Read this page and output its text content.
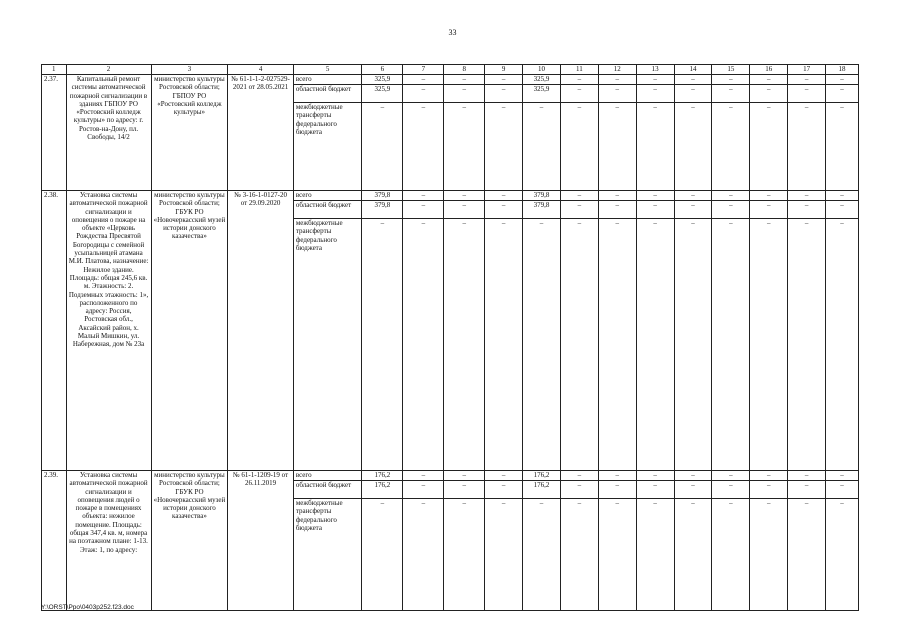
33
1	2	3	4	5	6	7	8	9	10	11	12	13	14	15	16	17	18
2.37.	Капитальный ремонт системы автоматической пожарной сигнализации в зданиях ГБПОУ РО «Ростовский колледж культуры» по адресу: г. Ростов-на-Дону, пл. Свободы, 14/2	министерство культуры Ростовской области; ГБПОУ РО «Ростовский колледж культуры»	№ 61-1-1-2-027529-2021 от 28.05.2021	всего	325,9	–	–	–	325,9	–	–	–	–	–	–	–	–
				областной бюджет	325,9	–	–	–	325,9	–	–	–	–	–	–	–	–
				межбюджетные трансферты федерального бюджета	–	–	–	–	–	–	–	–	–	–	–	–	–
2.38.	Установка системы автоматической пожарной сигнализации и оповещения о пожаре на объекте «Церковь Рождества Пресвятой Богородицы с семейной усыпальницей атамана М.И. Платова, назначение: Нежилое здание. Площадь: общая 245,6 кв. м. Этажность: 2. Подземных этажность: 1», расположенного по адресу: Россия, Ростовская обл., Аксайский район, х. Малый Мишкин, ул. Набережная, дом № 23а	министерство культуры Ростовской области; ГБУК РО «Новочеркасский музей истории донского казачества»	№ 3-16-1-0127-20 от 29.09.2020	всего	379,8	–	–	–	379,8	–	–	–	–	–	–	–	–
				областной бюджет	379,8	–	–	–	379,8	–	–	–	–	–	–	–	–
				межбюджетные трансферты федерального бюджета	–	–	–	–	–	–	–	–	–	–	–	–	–
2.39.	Установка системы автоматической пожарной сигнализации и оповещения людей о пожаре в помещениях объекта: нежилое помещение. Площадь: общая 347,4 кв. м, номера на поэтажном плане: 1-13. Этаж: 1, по адресу:	министерство культуры Ростовской области; ГБУК РО «Новочеркасский музей истории донского казачества»	№ 61-1-1209-19 от 26.11.2019	всего	176,2	–	–	–	176,2	–	–	–	–	–	–	–	–
				областной бюджет	176,2	–	–	–	176,2	–	–	–	–	–	–	–	–
				межбюджетные трансферты федерального бюджета	–	–	–	–	–	–	–	–	–	–	–	–	–
Y:\ORST\Ppo\0403p252.f23.doc
